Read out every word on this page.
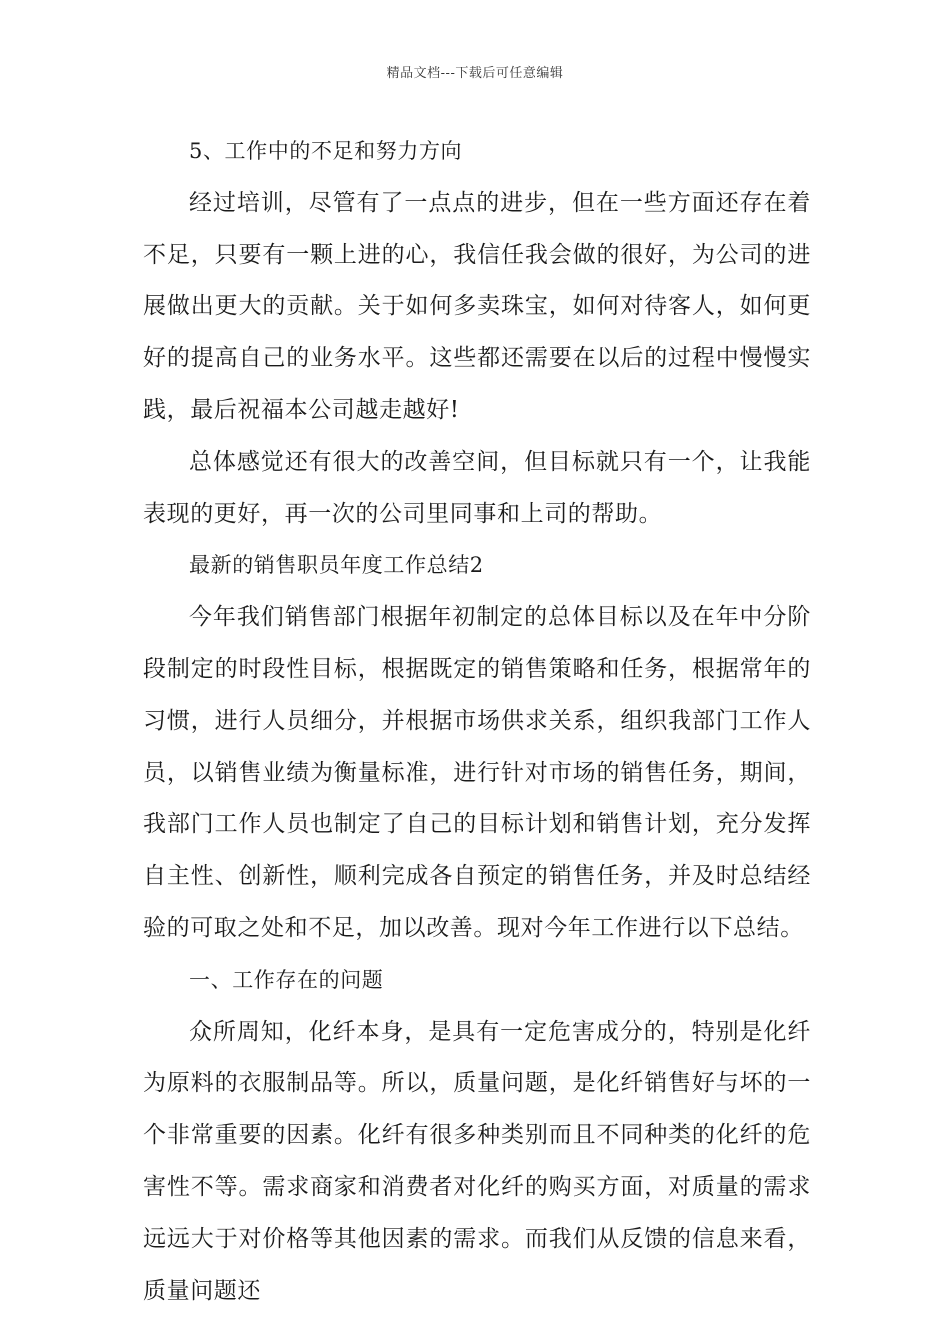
精品文档---下载后可任意编辑

5、工作中的不足和努力方向

经过培训，尽管有了一点点的进步，但在一些方面还存在着不足，只要有一颗上进的心，我信任我会做的很好，为公司的进展做出更大的贡献。关于如何多卖珠宝，如何对待客人，如何更好的提高自己的业务水平。这些都还需要在以后的过程中慢慢实践，最后祝福本公司越走越好!

总体感觉还有很大的改善空间，但目标就只有一个，让我能表现的更好，再一次的公司里同事和上司的帮助。

最新的销售职员年度工作总结2

今年我们销售部门根据年初制定的总体目标以及在年中分阶段制定的时段性目标，根据既定的销售策略和任务，根据常年的习惯，进行人员细分，并根据市场供求关系，组织我部门工作人员，以销售业绩为衡量标准，进行针对市场的销售任务，期间，我部门工作人员也制定了自己的目标计划和销售计划，充分发挥自主性、创新性，顺利完成各自预定的销售任务，并及时总结经验的可取之处和不足，加以改善。现对今年工作进行以下总结。

一、工作存在的问题

众所周知，化纤本身，是具有一定危害成分的，特别是化纤为原料的衣服制品等。所以，质量问题，是化纤销售好与坏的一个非常重要的因素。化纤有很多种类别而且不同种类的化纤的危害性不等。需求商家和消费者对化纤的购买方面，对质量的需求远远大于对价格等其他因素的需求。而我们从反馈的信息来看，质量问题还
